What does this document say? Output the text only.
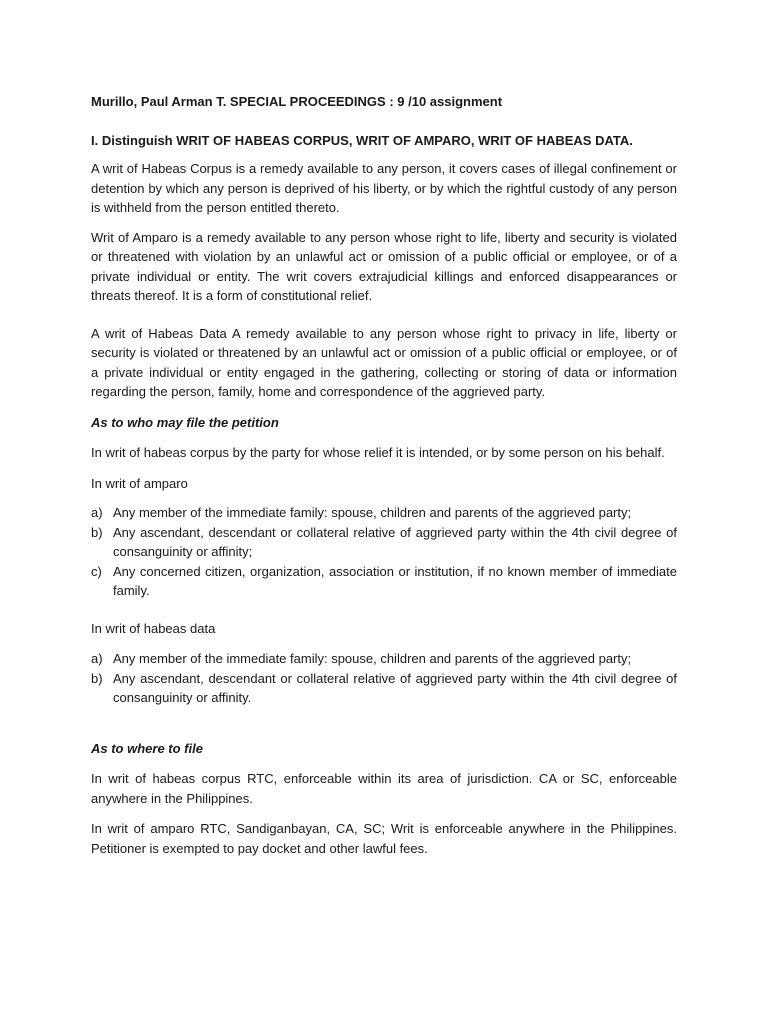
Murillo, Paul Arman T. SPECIAL PROCEEDINGS : 9 /10 assignment

I. Distinguish WRIT OF HABEAS CORPUS, WRIT OF AMPARO, WRIT OF HABEAS DATA.

A writ of Habeas Corpus is a remedy available to any person, it covers cases of illegal confinement or detention by which any person is deprived of his liberty, or by which the rightful custody of any person is withheld from the person entitled thereto.

Writ of Amparo is a remedy available to any person whose right to life, liberty and security is violated or threatened with violation by an unlawful act or omission of a public official or employee, or of a private individual or entity. The writ covers extrajudicial killings and enforced disappearances or threats thereof. It is a form of constitutional relief.

A writ of Habeas Data A remedy available to any person whose right to privacy in life, liberty or security is violated or threatened by an unlawful act or omission of a public official or employee, or of a private individual or entity engaged in the gathering, collecting or storing of data or information regarding the person, family, home and correspondence of the aggrieved party.

As to who may file the petition

In writ of habeas corpus by the party for whose relief it is intended, or by some person on his behalf.

In writ of amparo

a) Any member of the immediate family: spouse, children and parents of the aggrieved party;
b) Any ascendant, descendant or collateral relative of aggrieved party within the 4th civil degree of consanguinity or affinity;
c) Any concerned citizen, organization, association or institution, if no known member of immediate family.

In writ of habeas data

a) Any member of the immediate family: spouse, children and parents of the aggrieved party;
b) Any ascendant, descendant or collateral relative of aggrieved party within the 4th civil degree of consanguinity or affinity.

As to where to file

In writ of habeas corpus RTC, enforceable within its area of jurisdiction. CA or SC, enforceable anywhere in the Philippines.

In writ of amparo RTC, Sandiganbayan, CA, SC; Writ is enforceable anywhere in the Philippines. Petitioner is exempted to pay docket and other lawful fees.
